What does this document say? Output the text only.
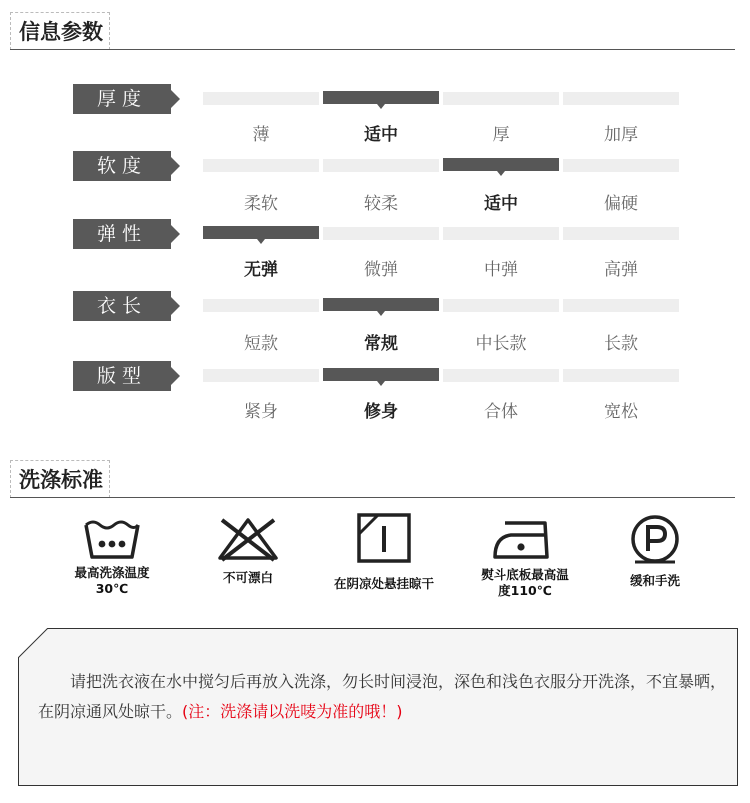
信息参数
厚度
薄	适中	厚	加厚
软度
柔软	较柔	适中	偏硬
弹性
无弹	微弹	中弹	高弹
衣长
短款	常规	中长款	长款
版型
紧身	修身	合体	宽松
洗涤标准
最高洗涤温度
30℃
不可漂白	在阴凉处悬挂晾干
熨斗底板最高温
度110℃
缓和手洗
请把洗衣液在水中搅匀后再放入洗涤，勿长时间浸泡，深色和浅色衣服分开洗涤，不宜暴晒，在阴凉通风处晾干。(注：洗涤请以洗唛为准的哦！)
